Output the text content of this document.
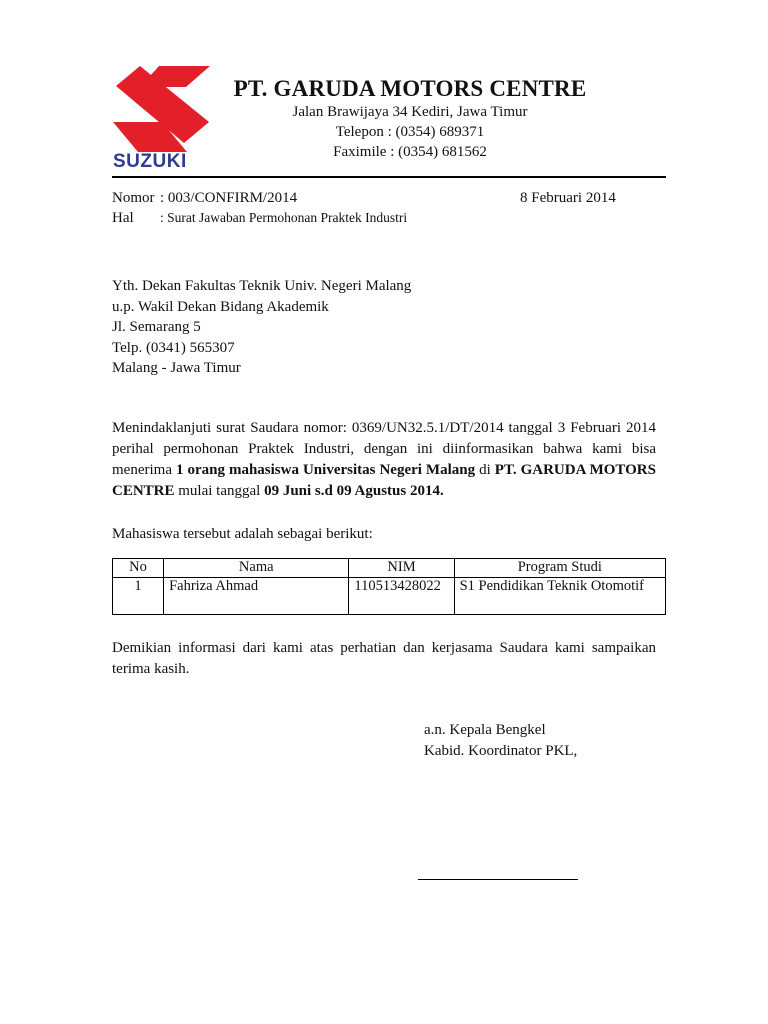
SUZUKI
PT. GARUDA MOTORS CENTRE
Jalan Brawijaya 34 Kediri, Jawa Timur
Telepon : (0354) 689371
Faximile : (0354) 681562
Nomor : 003/CONFIRM/2014	8 Februari 2014
Hal	: Surat Jawaban Permohonan Praktek Industri
Yth. Dekan Fakultas Teknik Univ. Negeri Malang
u.p. Wakil Dekan Bidang Akademik
Jl. Semarang 5
Telp. (0341) 565307
Malang - Jawa Timur
Menindaklanjuti surat Saudara nomor: 0369/UN32.5.1/DT/2014 tanggal 3 Februari 2014 perihal permohonan Praktek Industri, dengan ini diinformasikan bahwa kami bisa menerima 1 orang mahasiswa Universitas Negeri Malang di PT. GARUDA MOTORS CENTRE mulai tanggal 09 Juni s.d 09 Agustus 2014.
Mahasiswa tersebut adalah sebagai berikut:
No	Nama	NIM	Program Studi
1	Fahriza Ahmad	110513428022	S1 Pendidikan Teknik Otomotif
Demikian informasi dari kami atas perhatian dan kerjasama Saudara kami sampaikan terima kasih.
a.n. Kepala Bengkel
Kabid. Koordinator PKL,
